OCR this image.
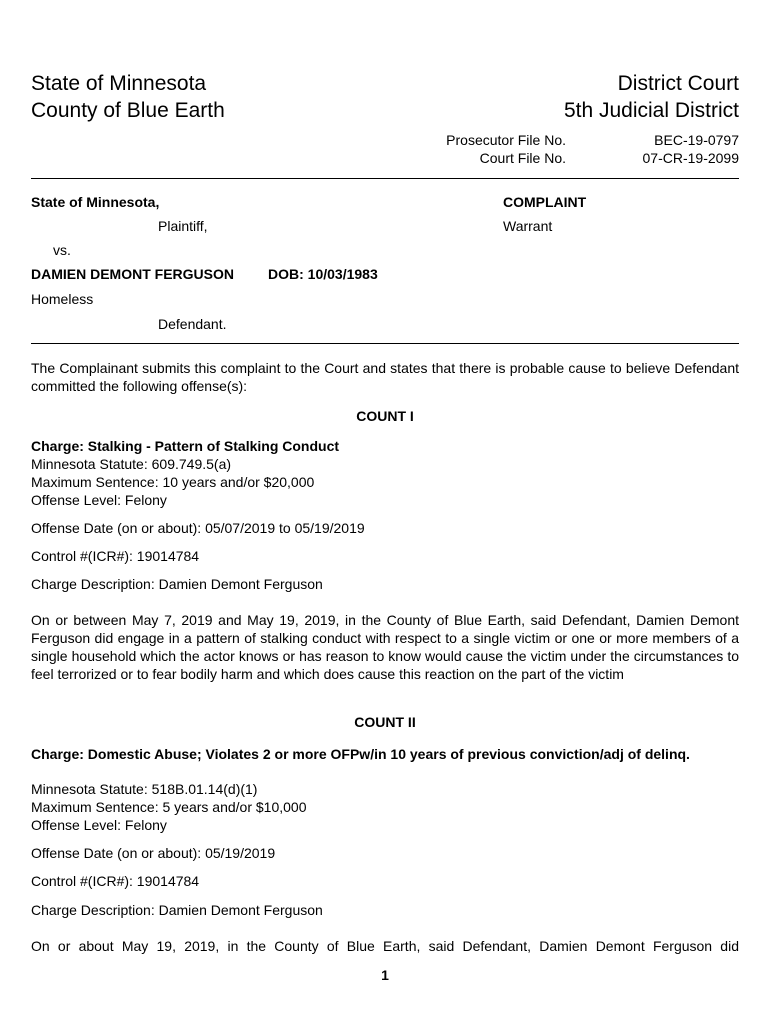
State of Minnesota
County of Blue Earth
District Court
5th Judicial District
Prosecutor File No.	BEC-19-0797
Court File No.	07-CR-19-2099
State of Minnesota,	COMPLAINT
Plaintiff,	Warrant
vs.
DAMIEN DEMONT FERGUSON DOB: 10/03/1983
Homeless
Defendant.
The Complainant submits this complaint to the Court and states that there is probable cause to believe Defendant committed the following offense(s):
COUNT I
Charge: Stalking - Pattern of Stalking Conduct
Minnesota Statute: 609.749.5(a)
Maximum Sentence: 10 years and/or $20,000
Offense Level: Felony
Offense Date (on or about): 05/07/2019 to 05/19/2019
Control #(ICR#): 19014784
Charge Description: Damien Demont Ferguson
On or between May 7, 2019 and May 19, 2019, in the County of Blue Earth, said Defendant, Damien Demont Ferguson did engage in a pattern of stalking conduct with respect to a single victim or one or more members of a single household which the actor knows or has reason to know would cause the victim under the circumstances to feel terrorized or to fear bodily harm and which does cause this reaction on the part of the victim
COUNT II
Charge: Domestic Abuse; Violates 2 or more OFPw/in 10 years of previous conviction/adj of delinq.
Minnesota Statute: 518B.01.14(d)(1)
Maximum Sentence: 5 years and/or $10,000
Offense Level: Felony
Offense Date (on or about): 05/19/2019
Control #(ICR#): 19014784
Charge Description: Damien Demont Ferguson
On or about May 19, 2019, in the County of Blue Earth, said Defendant, Damien Demont Ferguson did
1
